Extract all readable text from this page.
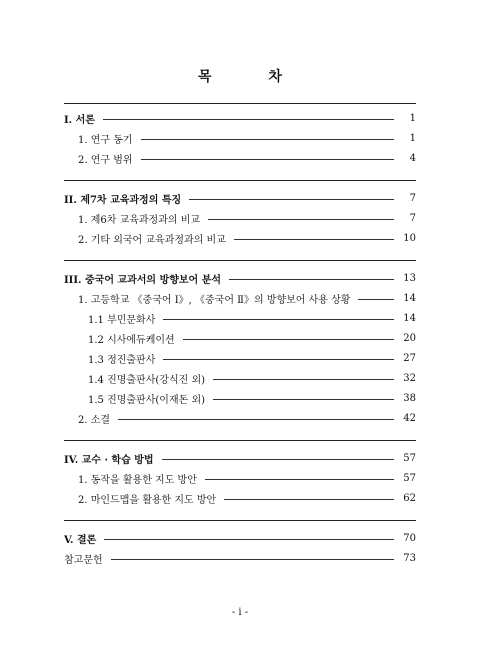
목 차
I. 서론	1
1. 연구 동기	1
2. 연구 범위	4
II. 제7차 교육과정의 특징	7
1. 제6차 교육과정과의 비교	7
2. 기타 외국어 교육과정과의 비교	10
III. 중국어 교과서의 방향보어 분석	13
1. 고등학교 《중국어 Ⅰ》, 《중국어 Ⅱ》의 방향보어 사용 상황	14
1.1 부민문화사	14
1.2 시사에듀케이션	20
1.3 정진출판사	27
1.4 진명출판사(강식진 외)	32
1.5 진명출판사(이재돈 외)	38
2. 소결	42
IV. 교수 · 학습 방법	57
1. 동작을 활용한 지도 방안	57
2. 마인드맵을 활용한 지도 방안	62
V. 결론	70
참고문헌	73
- i -
